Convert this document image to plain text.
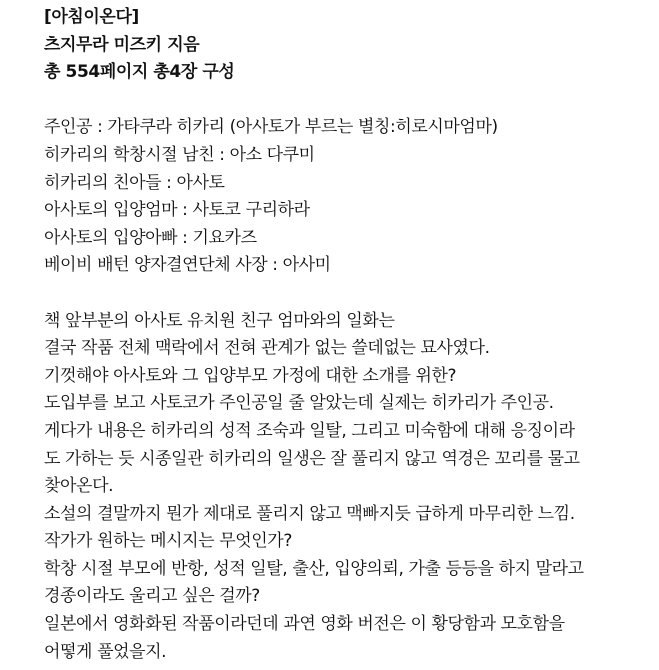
[아침이온다]
츠지무라 미즈키 지음
총 554페이지 총4장 구성
주인공 : 가타쿠라 히카리 (아사토가 부르는 별칭:히로시마엄마)
히카리의 학창시절 남친 : 아소 다쿠미
히카리의 친아들 : 아사토
아사토의 입양엄마 : 사토코 구리하라
아사토의 입양아빠 : 기요카즈
베이비 배턴 양자결연단체 사장 : 아사미
책 앞부분의 아사토 유치원 친구 엄마와의 일화는
결국 작품 전체 맥락에서 전혀 관계가 없는 쓸데없는 묘사였다.
기껏해야 아사토와 그 입양부모 가정에 대한 소개를 위한?
도입부를 보고 사토코가 주인공일 줄 알았는데 실제는 히카리가 주인공.
게다가 내용은 히카리의 성적 조숙과 일탈, 그리고 미숙함에 대해 응징이라
도 가하는 듯 시종일관 히카리의 일생은 잘 풀리지 않고 역경은 꼬리를 물고
찾아온다.
소설의 결말까지 뭔가 제대로 풀리지 않고 맥빠지듯 급하게 마무리한 느낌.
작가가 원하는 메시지는 무엇인가?
학창 시절 부모에 반항, 성적 일탈, 출산, 입양의뢰, 가출 등등을 하지 말라고
경종이라도 울리고 싶은 걸까?
일본에서 영화화된 작품이라던데 과연 영화 버전은 이 황당함과 모호함을
어떻게 풀었을지.
